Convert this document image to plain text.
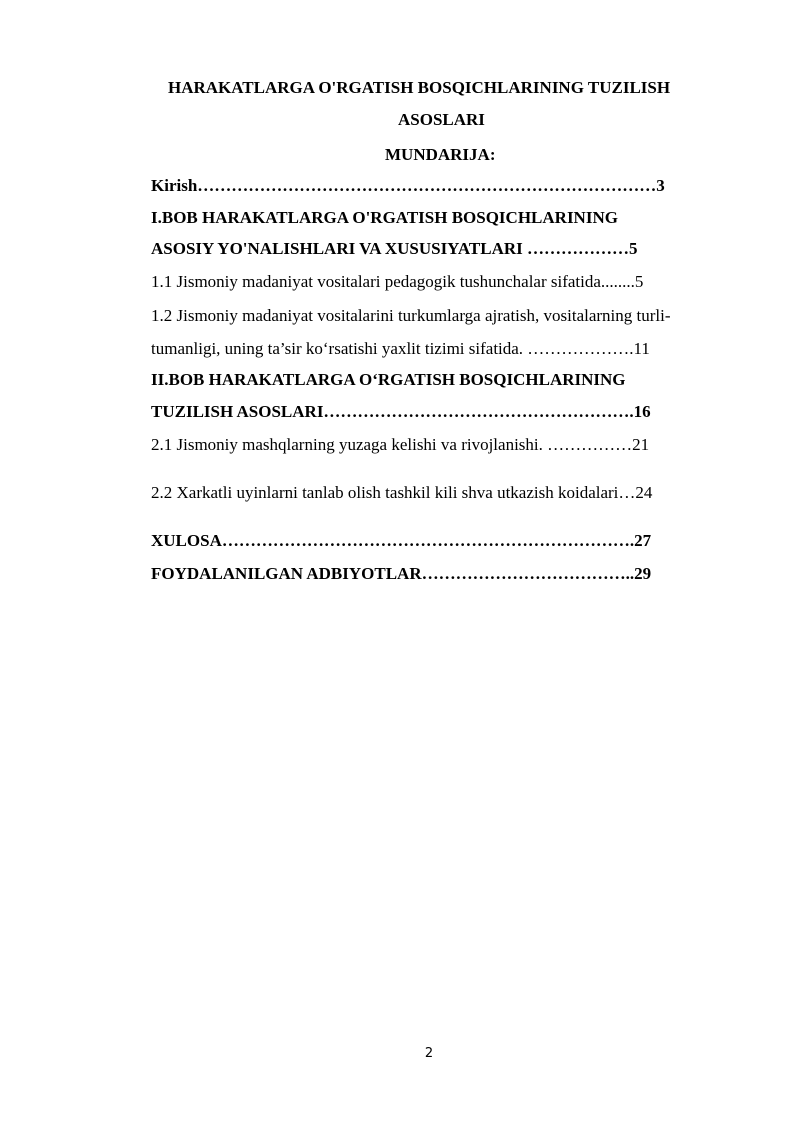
HARAKATLARGA O'RGATISH BOSQICHLARINING TUZILISH
ASOSLARI
MUNDARIJA:
Kirish………………………………………………………………………3
I.BOB HARAKATLARGA O'RGATISH BOSQICHLARINING
ASOSIY YO'NALISHLARI VA XUSUSIYATLARI ………………5
1.1 Jismoniy madaniyat vositalari pedagogik tushunchalar sifatida........5
1.2 Jismoniy madaniyat vositalarini turkumlarga ajratish, vositalarning turli-
tumanligi, uning ta’sir ko‘rsatishi yaxlit tizimi sifatida. ……………….11
II.BOB HARAKATLARGA O‘RGATISH BOSQICHLARINING
TUZILISH ASOSLARI……………………………………………….16
2.1 Jismoniy mashqlarning yuzaga kelishi va rivojlanishi. ……………21
2.2 Xarkatli uyinlarni tanlab olish tashkil kili shva utkazish koidalari…24
XULOSA……………………………………………………………….27
FOYDALANILGAN ADBIYOTLAR………………………………..29
2
